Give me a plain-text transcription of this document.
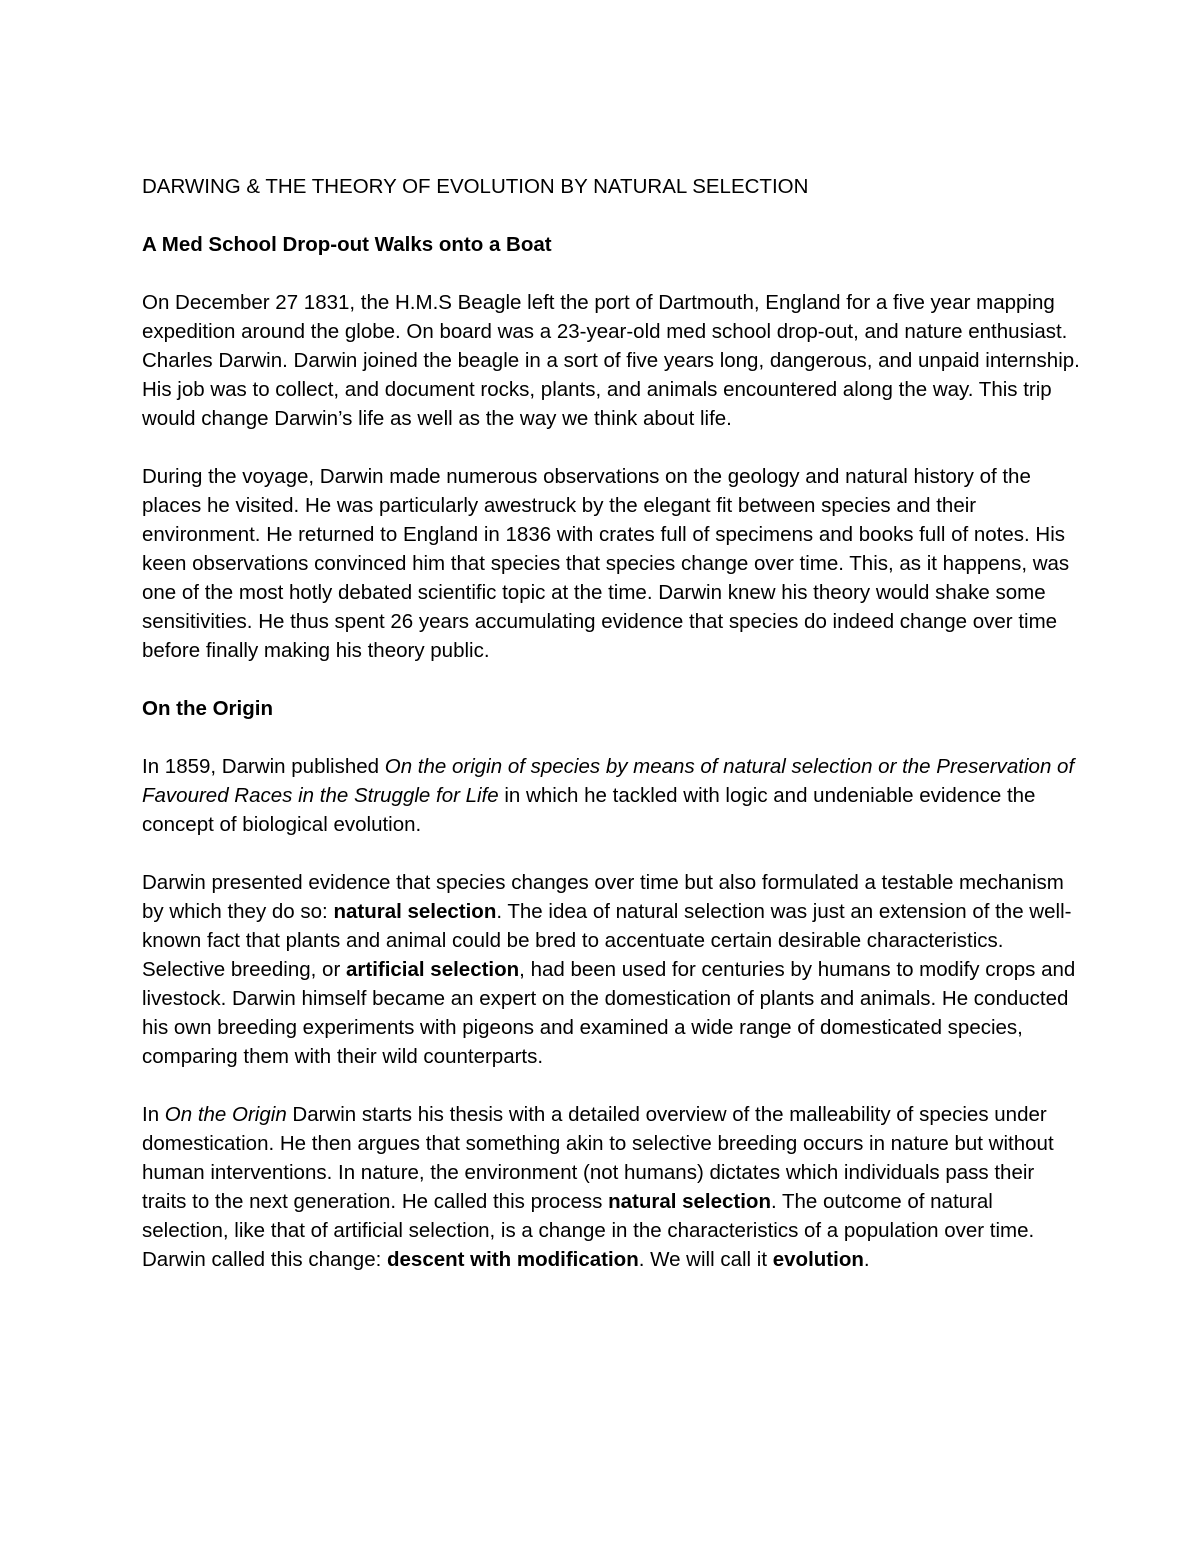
DARWING & THE THEORY OF EVOLUTION BY NATURAL SELECTION

A Med School Drop-out Walks onto a Boat

On December 27 1831, the H.M.S Beagle left the port of Dartmouth, England for a five year mapping expedition around the globe. On board was a 23-year-old med school drop-out, and nature enthusiast. Charles Darwin. Darwin joined the beagle in a sort of five years long, dangerous, and unpaid internship. His job was to collect, and document rocks, plants, and animals encountered along the way. This trip would change Darwin’s life as well as the way we think about life.

During the voyage, Darwin made numerous observations on the geology and natural history of the places he visited. He was particularly awestruck by the elegant fit between species and their environment. He returned to England in 1836 with crates full of specimens and books full of notes. His keen observations convinced him that species that species change over time. This, as it happens, was one of the most hotly debated scientific topic at the time. Darwin knew his theory would shake some sensitivities. He thus spent 26 years accumulating evidence that species do indeed change over time before finally making his theory public.

On the Origin

In 1859, Darwin published On the origin of species by means of natural selection or the Preservation of Favoured Races in the Struggle for Life in which he tackled with logic and undeniable evidence the concept of biological evolution.

Darwin presented evidence that species changes over time but also formulated a testable mechanism by which they do so: natural selection. The idea of natural selection was just an extension of the well-known fact that plants and animal could be bred to accentuate certain desirable characteristics. Selective breeding, or artificial selection, had been used for centuries by humans to modify crops and livestock. Darwin himself became an expert on the domestication of plants and animals. He conducted his own breeding experiments with pigeons and examined a wide range of domesticated species, comparing them with their wild counterparts.

In On the Origin Darwin starts his thesis with a detailed overview of the malleability of species under domestication. He then argues that something akin to selective breeding occurs in nature but without human interventions. In nature, the environment (not humans) dictates which individuals pass their traits to the next generation. He called this process natural selection. The outcome of natural selection, like that of artificial selection, is a change in the characteristics of a population over time. Darwin called this change: descent with modification. We will call it evolution.
